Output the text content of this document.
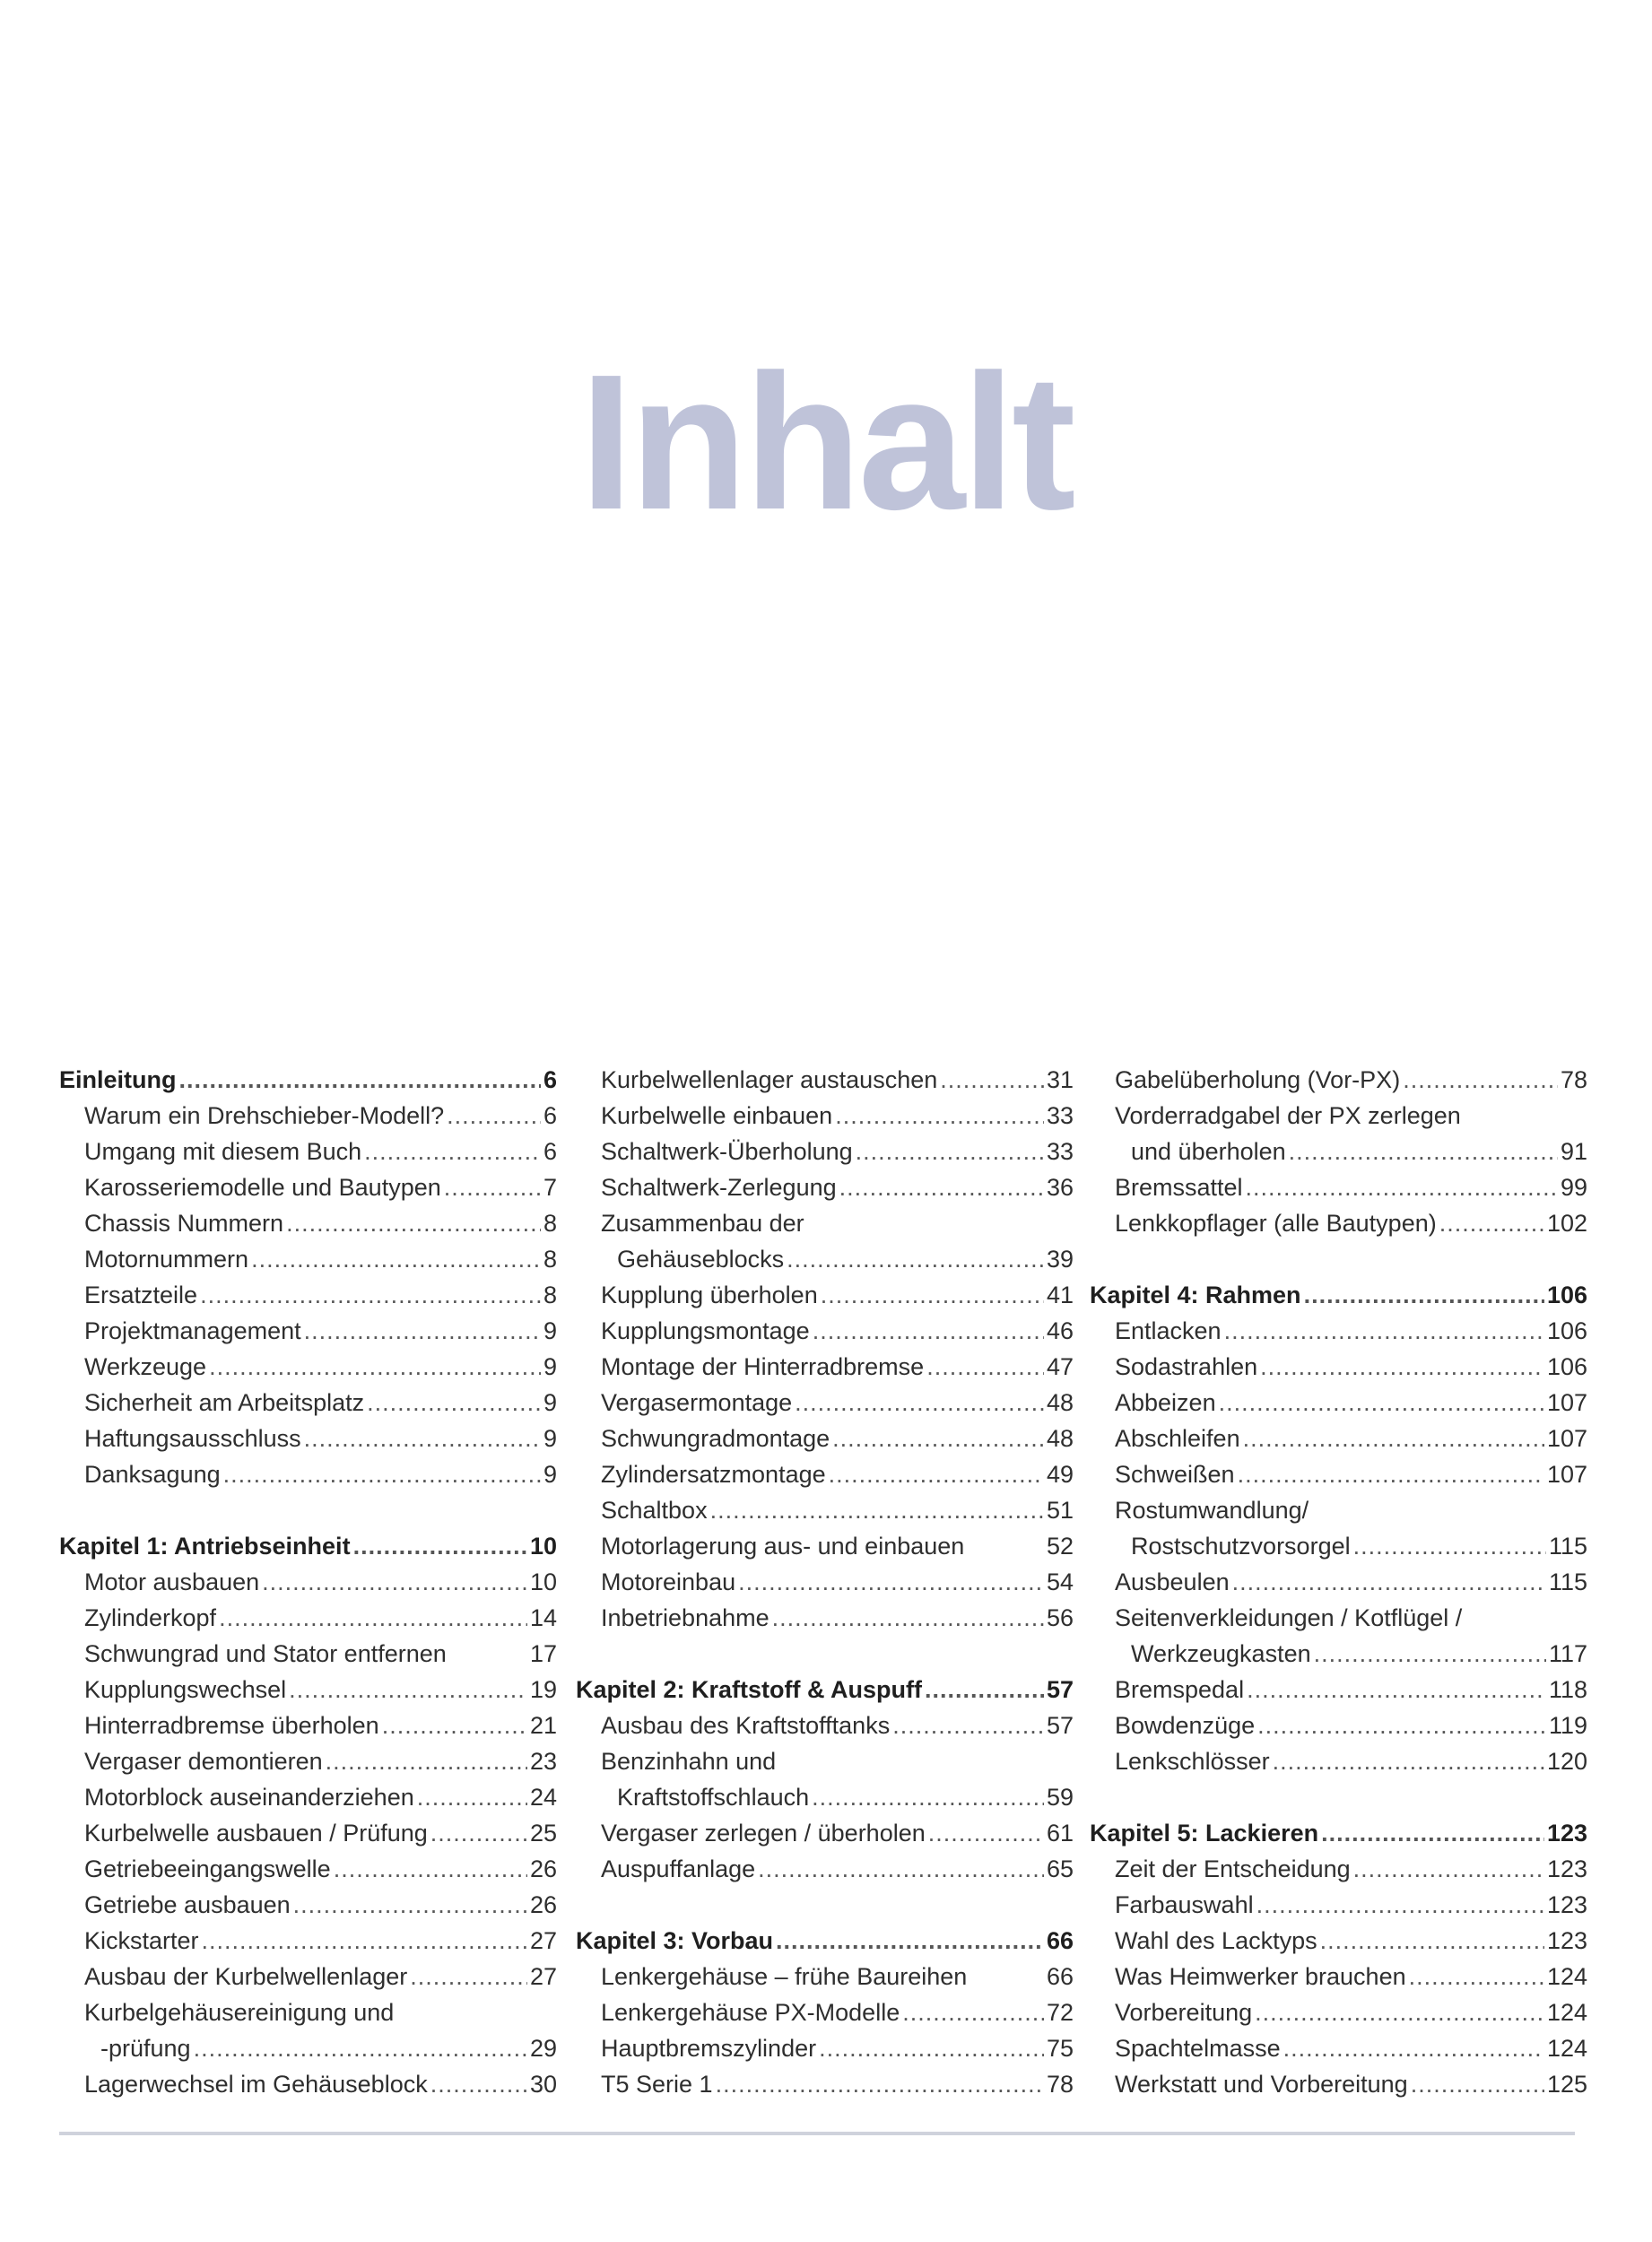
Inhalt
Einleitung .....	6
Warum ein Drehschieber-Modell? .....	6
Umgang mit diesem Buch .....	6
Karosseriemodelle und Bautypen .....	7
Chassis Nummern .....	8
Motornummern .....	8
Ersatzteile .....	8
Projektmanagement .....	9
Werkzeuge .....	9
Sicherheit am Arbeitsplatz .....	9
Haftungsausschluss .....	9
Danksagung .....	9
Kapitel 1: Antriebseinheit .....	10
Motor ausbauen .....	10
Zylinderkopf .....	14
Schwungrad und Stator entfernen	17
Kupplungswechsel .....	19
Hinterradbremse überholen .....	21
Vergaser demontieren .....	23
Motorblock auseinanderziehen .....	24
Kurbelwelle ausbauen / Prüfung .....	25
Getriebeeingangswelle .....	26
Getriebe ausbauen .....	26
Kickstarter .....	27
Ausbau der Kurbelwellenlager .....	27
Kurbelgehäusereinigung und
-prüfung .....	29
Lagerwechsel im Gehäuseblock .....	30
Kurbelwellenlager austauschen .....	31
Kurbelwelle einbauen .....	33
Schaltwerk-Überholung .....	33
Schaltwerk-Zerlegung .....	36
Zusammenbau der
Gehäuseblocks .....	39
Kupplung überholen .....	41
Kupplungsmontage .....	46
Montage der Hinterradbremse .....	47
Vergasermontage .....	48
Schwungradmontage .....	48
Zylindersatzmontage .....	49
Schaltbox .....	51
Motorlagerung aus- und einbauen	52
Motoreinbau .....	54
Inbetriebnahme .....	56
Kapitel 2: Kraftstoff & Auspuff .....	57
Ausbau des Kraftstofftanks .....	57
Benzinhahn und
Kraftstoffschlauch .....	59
Vergaser zerlegen / überholen .....	61
Auspuffanlage .....	65
Kapitel 3: Vorbau .....	66
Lenkergehäuse – frühe Baureihen	66
Lenkergehäuse PX-Modelle .....	72
Hauptbremszylinder .....	75
T5 Serie 1 .....	78
Gabelüberholung (Vor-PX) .....	78
Vorderradgabel der PX zerlegen
und überholen .....	91
Bremssattel .....	99
Lenkkopflager (alle Bautypen) .....	102
Kapitel 4: Rahmen .....	106
Entlacken .....	106
Sodastrahlen .....	106
Abbeizen .....	107
Abschleifen .....	107
Schweißen .....	107
Rostumwandlung/
Rostschutzvorsorgel .....	115
Ausbeulen .....	115
Seitenverkleidungen / Kotflügel /
Werkzeugkasten .....	117
Bremspedal .....	118
Bowdenzüge .....	119
Lenkschlösser .....	120
Kapitel 5: Lackieren .....	123
Zeit der Entscheidung .....	123
Farbauswahl .....	123
Wahl des Lacktyps .....	123
Was Heimwerker brauchen .....	124
Vorbereitung .....	124
Spachtelmasse .....	124
Werkstatt und Vorbereitung .....	125
